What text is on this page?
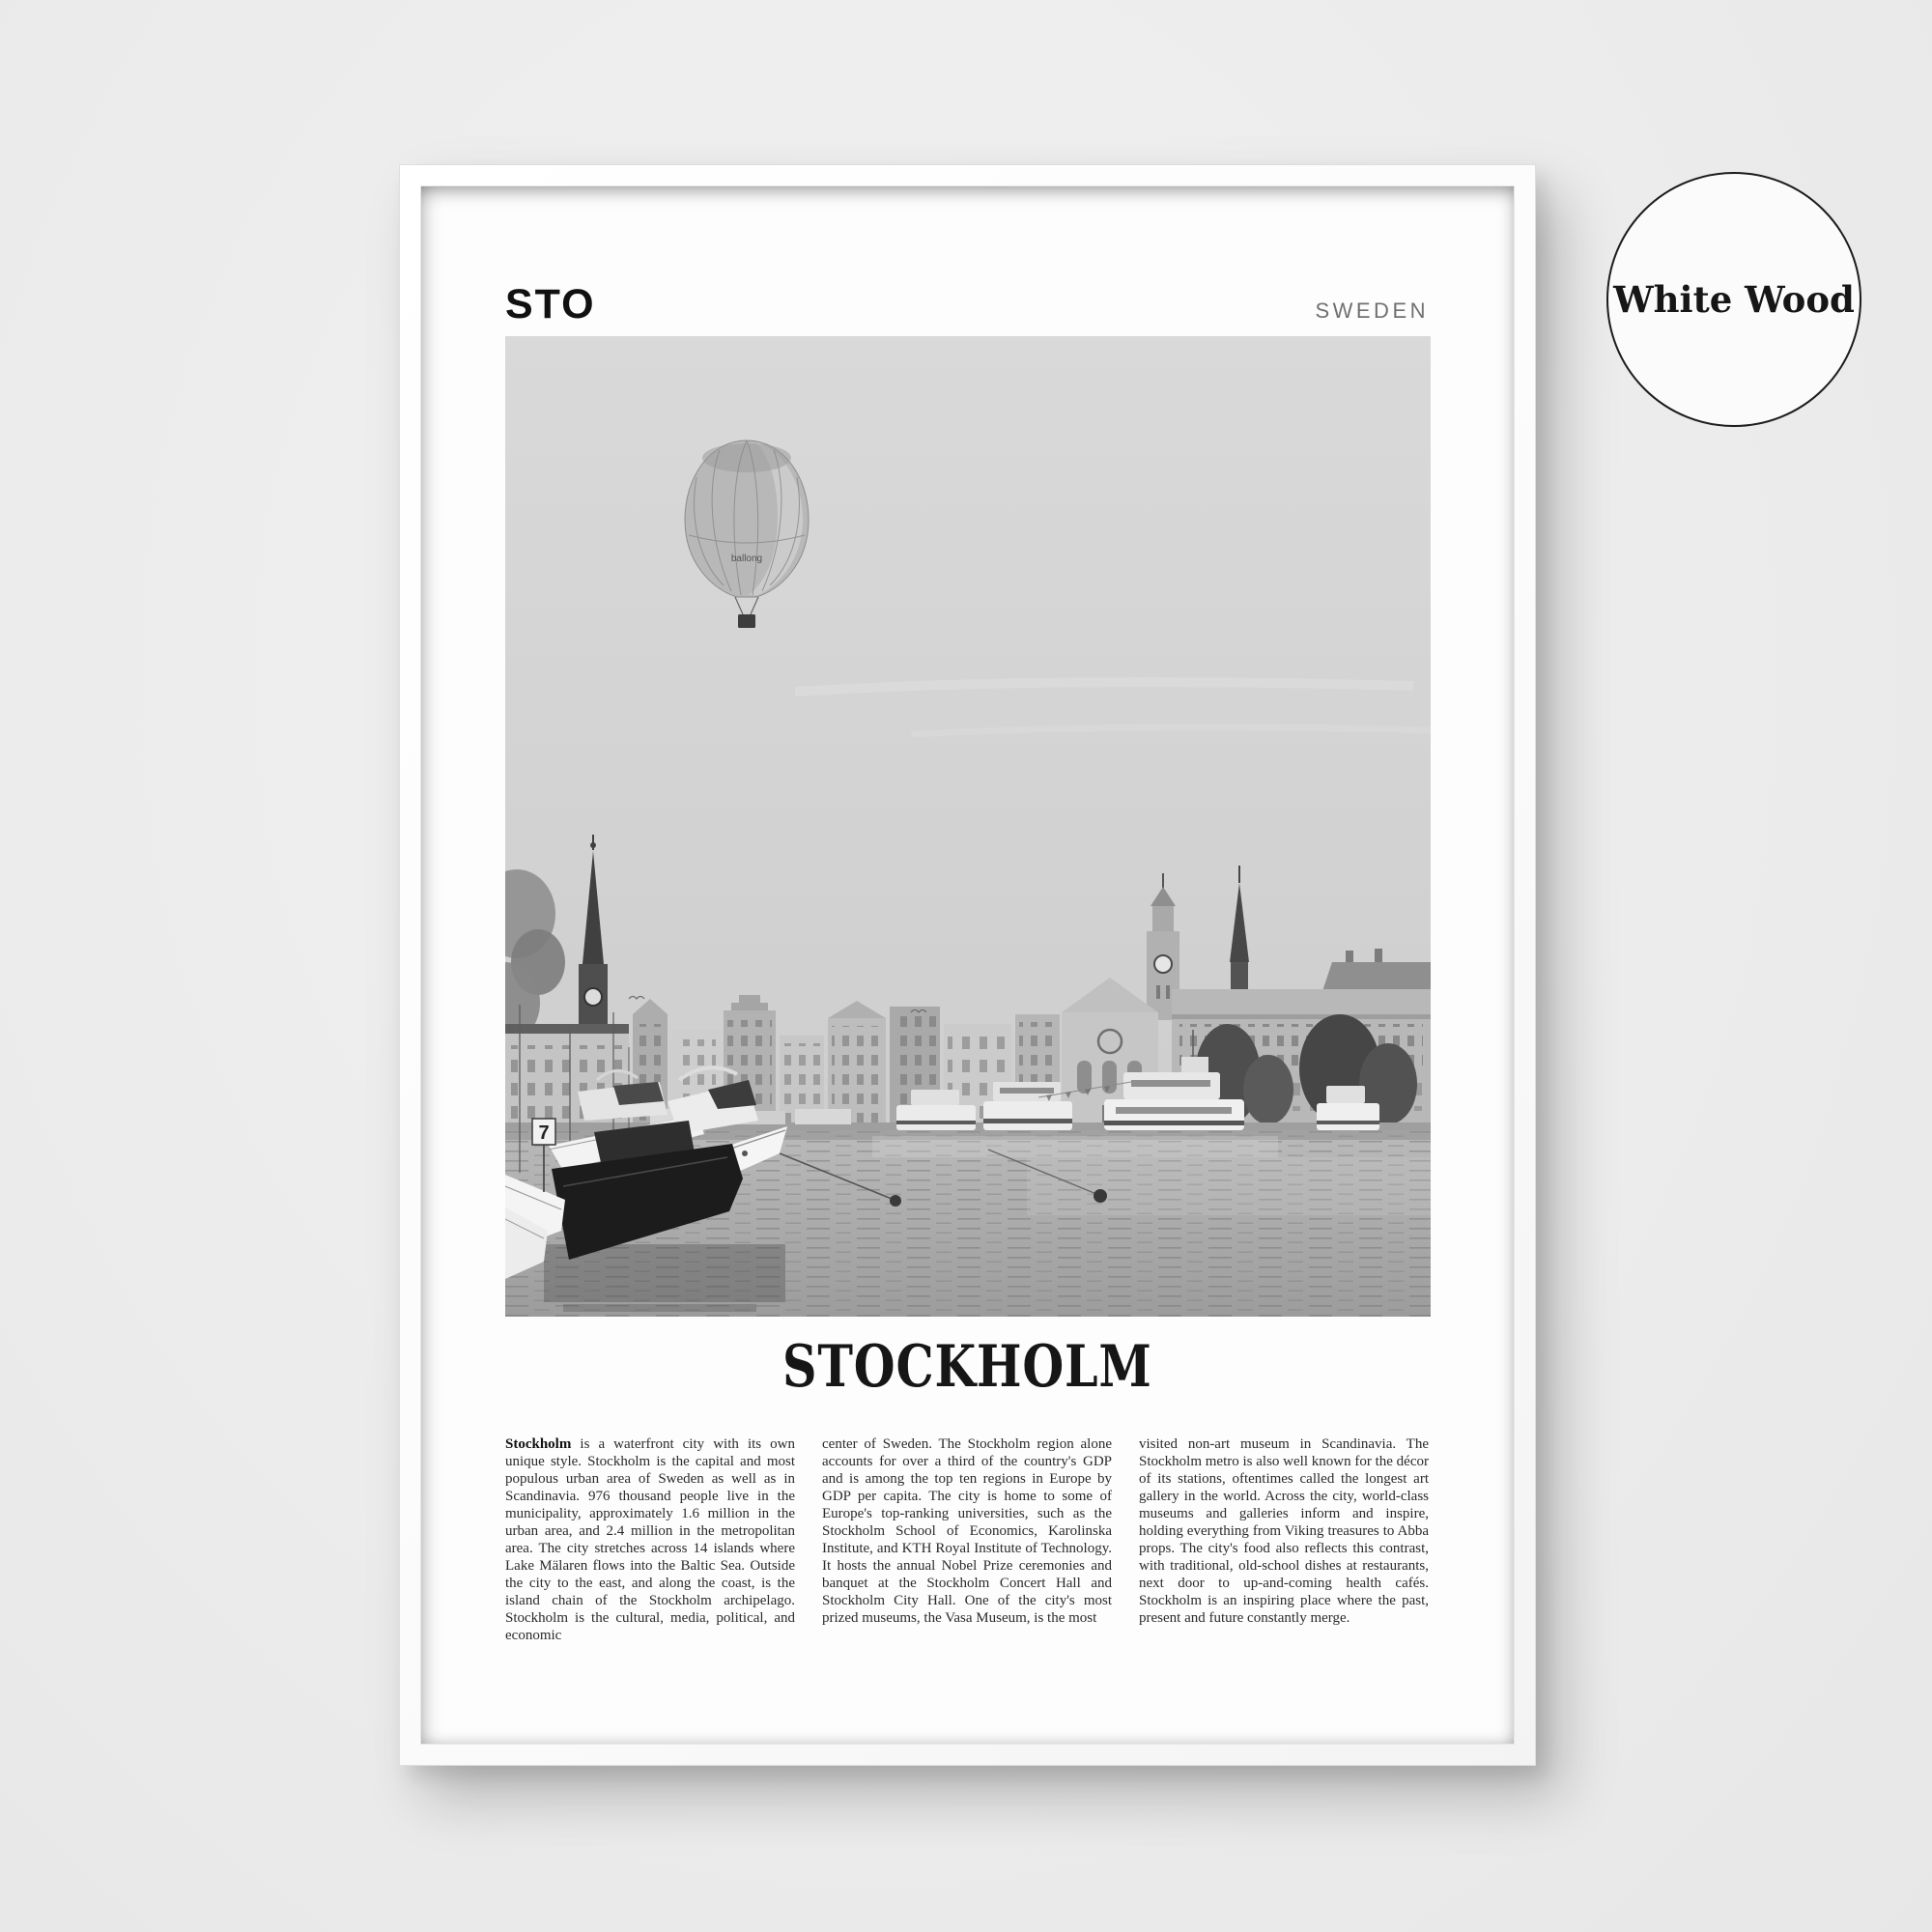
STO	SWEDEN
ballong
7
STOCKHOLM

Stockholm is a waterfront city with its own unique style. Stockholm is the capital and most populous urban area of Sweden as well as in Scandinavia. 976 thousand people live in the municipality, approximately 1.6 million in the urban area, and 2.4 million in the metropolitan area. The city stretches across 14 islands where Lake Mälaren flows into the Baltic Sea. Outside the city to the east, and along the coast, is the island chain of the Stockholm archipelago. Stockholm is the cultural, media, political, and economic

center of Sweden. The Stockholm region alone accounts for over a third of the country's GDP and is among the top ten regions in Europe by GDP per capita. The city is home to some of Europe's top-ranking universities, such as the Stockholm School of Economics, Karolinska Institute, and KTH Royal Institute of Technology. It hosts the annual Nobel Prize ceremonies and banquet at the Stockholm Concert Hall and Stockholm City Hall. One of the city's most prized museums, the Vasa Museum, is the most

visited non-art museum in Scandinavia. The Stockholm metro is also well known for the décor of its stations, oftentimes called the longest art gallery in the world. Across the city, world-class museums and galleries inform and inspire, holding everything from Viking treasures to Abba props. The city's food also reflects this contrast, with traditional, old-school dishes at restaurants, next door to up-and-coming health cafés. Stockholm is an inspiring place where the past, present and future constantly merge.

White Wood
